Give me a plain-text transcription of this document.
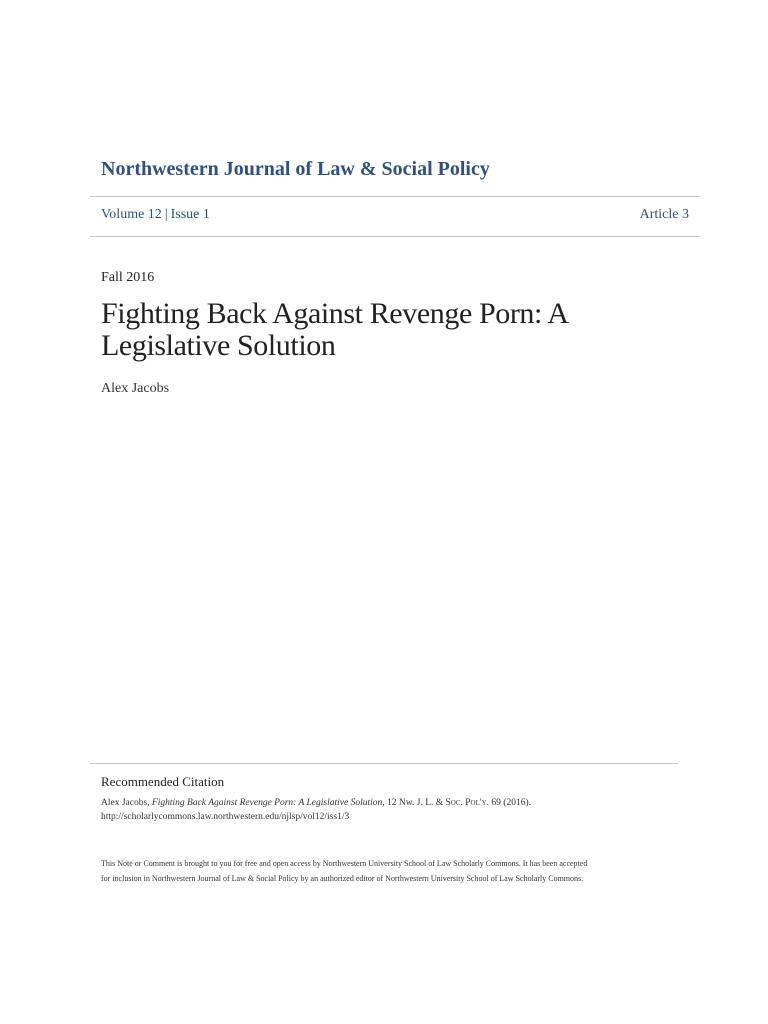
Northwestern Journal of Law & Social Policy
Volume 12 | Issue 1	Article 3
Fall 2016
Fighting Back Against Revenge Porn: A Legislative Solution
Alex Jacobs
Recommended Citation
Alex Jacobs, Fighting Back Against Revenge Porn: A Legislative Solution, 12 Nw. J. L. & Soc. Pol'y. 69 (2016).
http://scholarlycommons.law.northwestern.edu/njlsp/vol12/iss1/3
This Note or Comment is brought to you for free and open access by Northwestern University School of Law Scholarly Commons. It has been accepted
for inclusion in Northwestern Journal of Law & Social Policy by an authorized editor of Northwestern University School of Law Scholarly Commons.
